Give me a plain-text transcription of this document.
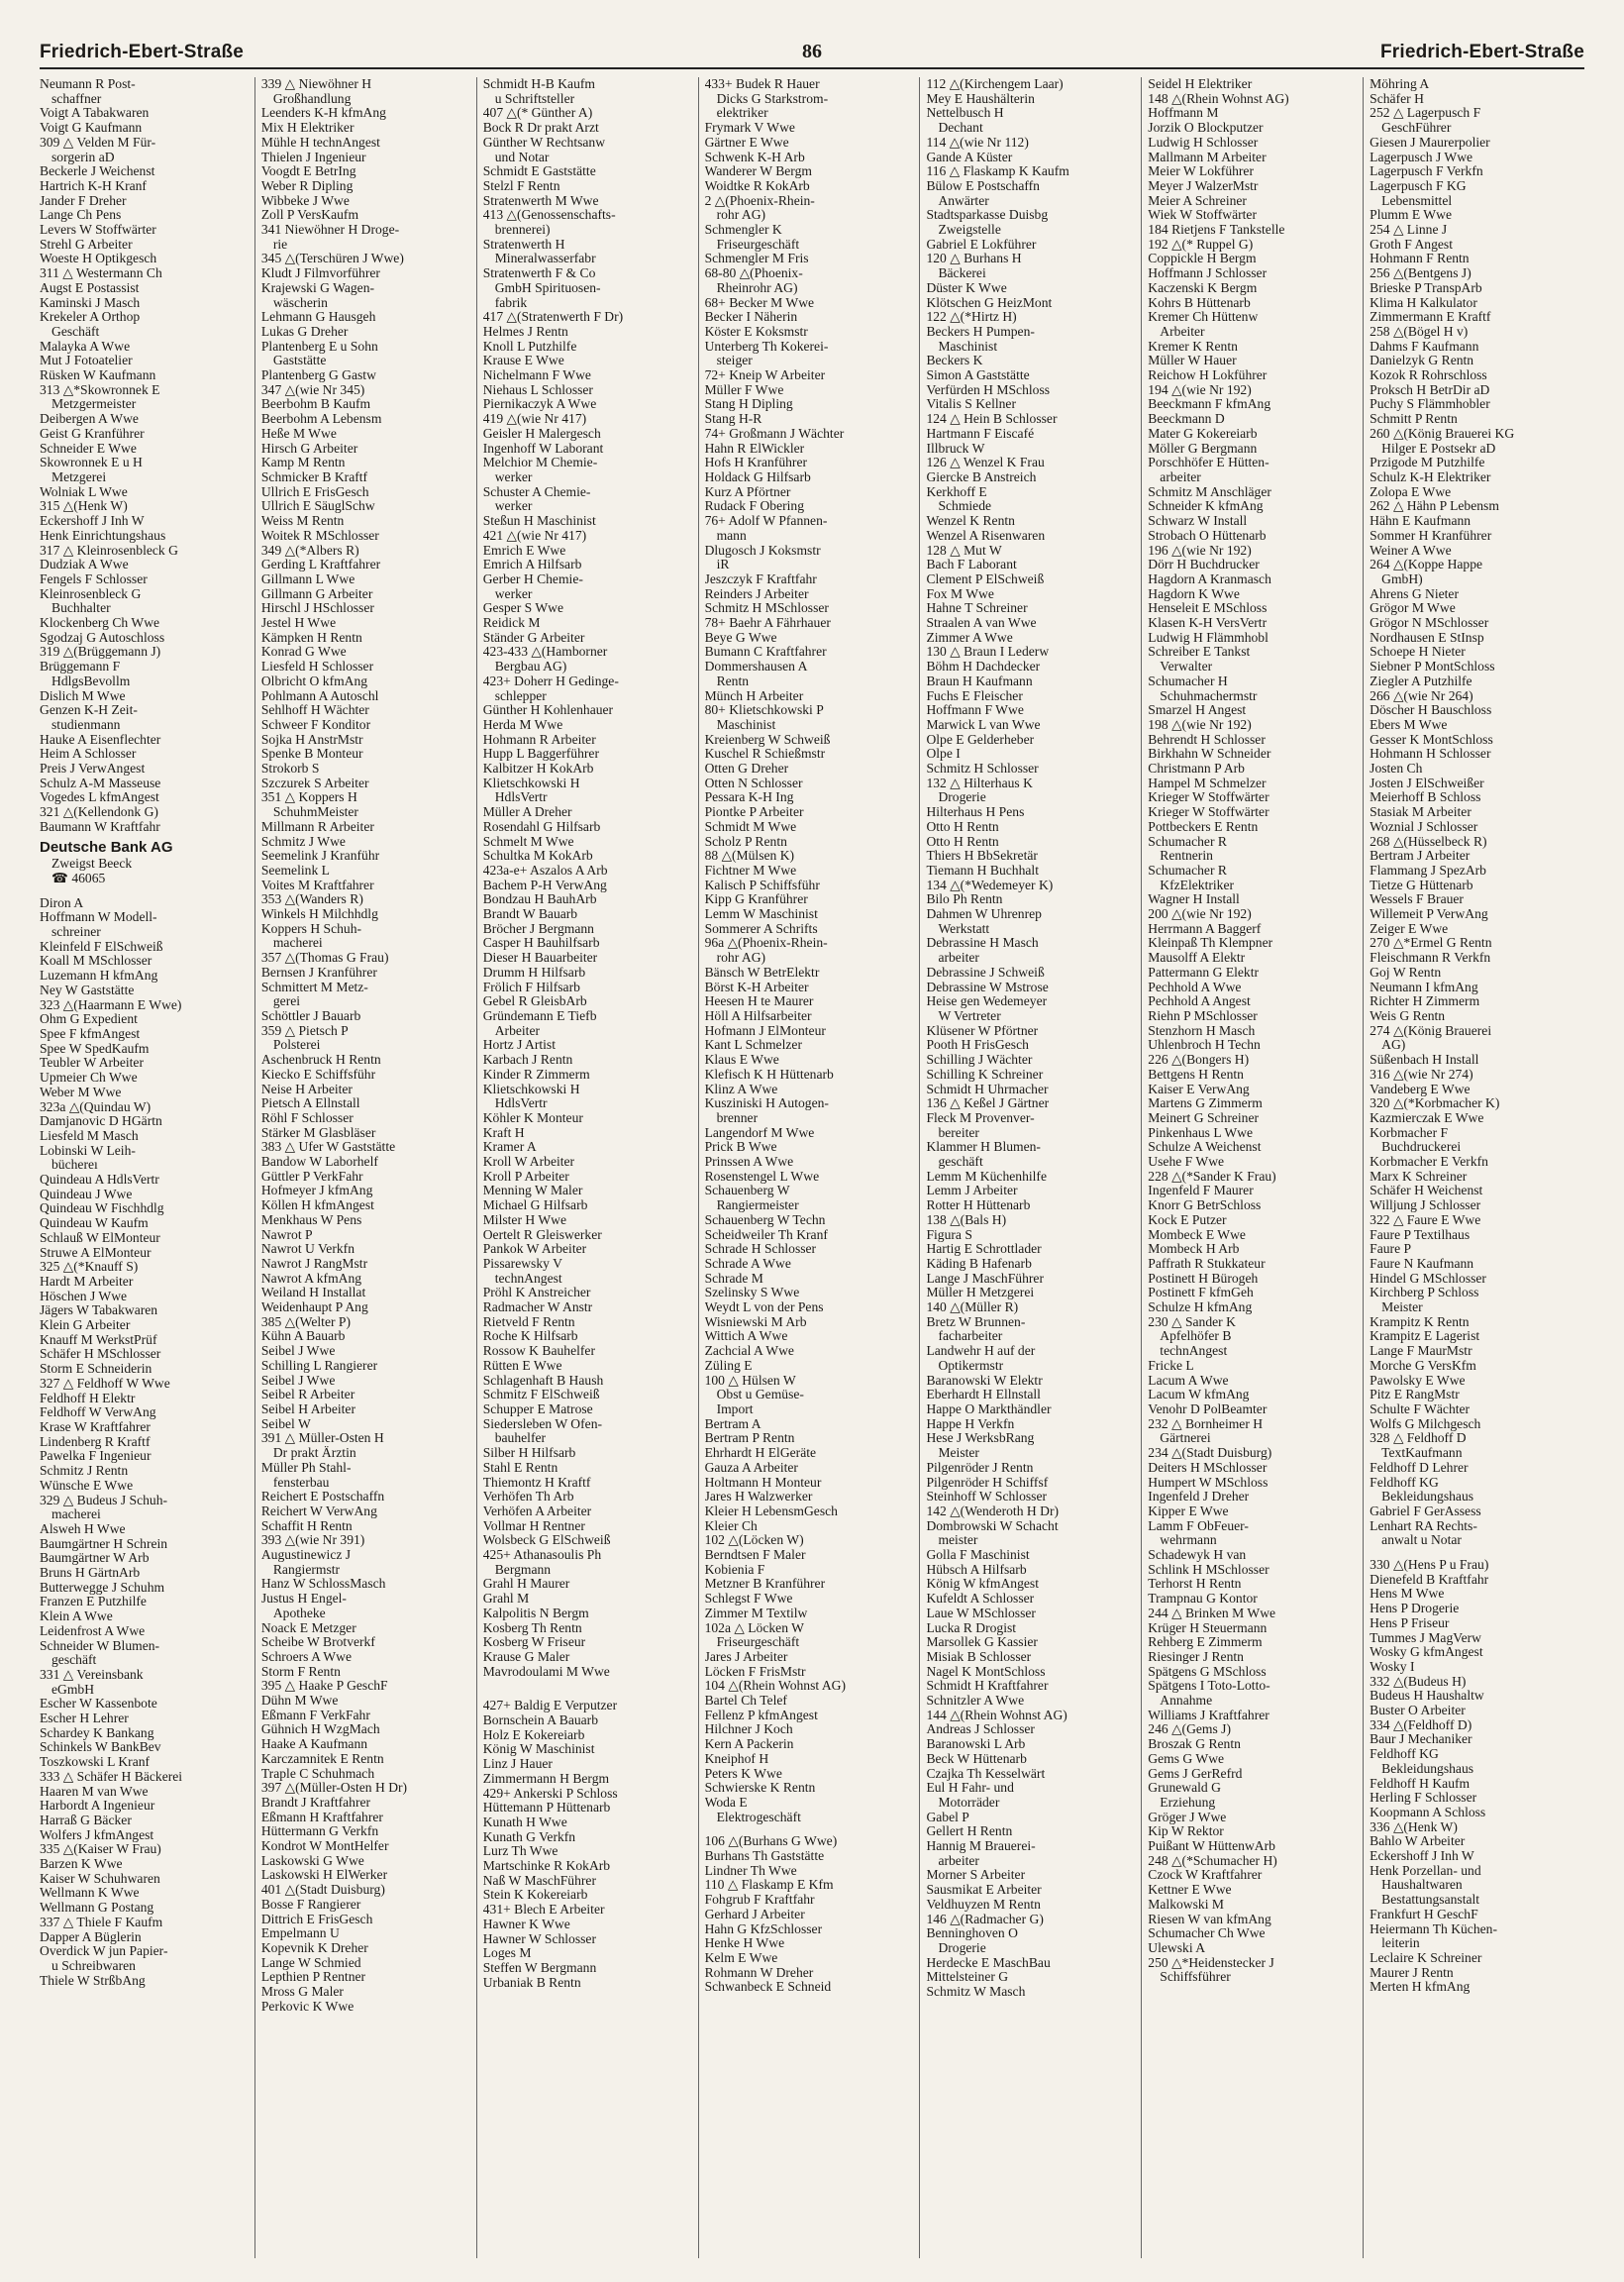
Friedrich-Ebert-Straße	86	Friedrich-Ebert-Straße
Neumann R Post-
schaffner
Voigt A Tabakwaren
Voigt G Kaufmann
309 △ Velden M Für-
sorgerin aD
Beckerle J Weichenst
Hartrich K-H Kranf
Jander F Dreher
Lange Ch Pens
Levers W Stoffwärter
Strehl G Arbeiter
Woeste H Optikgesch
311 △ Westermann Ch
Augst E Postassist
Kaminski J Masch
Krekeler A Orthop
Geschäft
Malayka A Wwe
Mut J Fotoatelier
Rüsken W Kaufmann
313 △*Skowronnek E
Metzgermeister
Deibergen A Wwe
Geist G Kranführer
Schneider E Wwe
Skowronnek E u H
Metzgerei
Wolniak L Wwe
315 △(Henk W)
Eckershoff J Inh W
Henk Einrichtungshaus
317 △ Kleinrosenbleck G
Dudziak A Wwe
Fengels F Schlosser
Kleinrosenbleck G
Buchhalter
Klockenberg Ch Wwe
Sgodzaj G Autoschloss
319 △(Brüggemann J)
Brüggemann F
HdlgsBevollm
Dislich M Wwe
Genzen K-H Zeit-
studienmann
Hauke A Eisenflechter
Heim A Schlosser
Preis J VerwAngest
Schulz A-M Masseuse
Vogedes L kfmAngest
321 △(Kellendonk G)
Baumann W Kraftfahr
Deutsche Bank AG
Zweigst Beeck
☎ 46065
Diron A
Hoffmann W Modell-
schreiner
Kleinfeld F ElSchweiß
Koall M MSchlosser
Luzemann H kfmAng
Ney W Gaststätte
323 △(Haarmann E Wwe)
Ohm G Expedient
Spee F kfmAngest
Spee W SpedKaufm
Teubler W Arbeiter
Upmeier Ch Wwe
Weber M Wwe
323a △(Quindau W)
Damjanovic D HGärtn
Liesfeld M Masch
Lobinski W Leih-
büchereı
Quindeau A HdlsVertr
Quindeau J Wwe
Quindeau W Fischhdlg
Quindeau W Kaufm
Schlauß W ElMonteur
Struwe A ElMonteur
325 △(*Knauff S)
Hardt M Arbeiter
Höschen J Wwe
Jägers W Tabakwaren
Klein G Arbeiter
Knauff M WerkstPrüf
Schäfer H MSchlosser
Storm E Schneiderin
327 △ Feldhoff W Wwe
Feldhoff H Elektr
Feldhoff W VerwAng
Krase W Kraftfahrer
Lindenberg R Kraftf
Pawelka F Ingenieur
Schmitz J Rentn
Wünsche E Wwe
329 △ Budeus J Schuh-
macherei
Alsweh H Wwe
Baumgärtner H Schrein
Baumgärtner W Arb
Bruns H GärtnArb
Butterwegge J Schuhm
Franzen E Putzhilfe
Klein A Wwe
Leidenfrost A Wwe
Schneider W Blumen-
geschäft
331 △ Vereinsbank
eGmbH
Escher W Kassenbote
Escher H Lehrer
Schardey K Bankang
Schinkels W BankBev
Toszkowski L Kranf
333 △ Schäfer H Bäckerei
Haaren M van Wwe
Harbordt A Ingenieur
Harraß G Bäcker
Wolfers J kfmAngest
335 △(Kaiser W Frau)
Barzen K Wwe
Kaiser W Schuhwaren
Wellmann K Wwe
Wellmann G Postang
337 △ Thiele F Kaufm
Dapper A Büglerin
Overdick W jun Papier-
u Schreibwaren
Thiele W StrßbAng
339 △ Niewöhner H
Großhandlung
Leenders K-H kfmAng
Mix H Elektriker
Mühle H technAngest
Thielen J Ingenieur
Voogdt E BetrIng
Weber R Dipling
Wibbeke J Wwe
Zoll P VersKaufm
341 Niewöhner H Droge-
rie
345 △(Terschüren J Wwe)
Kludt J Filmvorführer
Krajewski G Wagen-
wäscherin
Lehmann G Hausgeh
Lukas G Dreher
Plantenberg E u Sohn
Gaststätte
Plantenberg G Gastw
347 △(wie Nr 345)
Beerbohm B Kaufm
Beerbohm A Lebensm
Heße M Wwe
Hirsch G Arbeiter
Kamp M Rentn
Schmicker B Kraftf
Ullrich E FrisGesch
Ullrich E SäuglSchw
Weiss M Rentn
Woitek R MSchlosser
349 △(*Albers R)
Gerding L Kraftfahrer
Gillmann L Wwe
Gillmann G Arbeiter
Hirschl J HSchlosser
Jestel H Wwe
Kämpken H Rentn
Konrad G Wwe
Liesfeld H Schlosser
Olbricht O kfmAng
Pohlmann A Autoschl
Sehlhoff H Wächter
Schweer F Konditor
Sojka H AnstrMstr
Spenke B Monteur
Strokorb S
Szczurek S Arbeiter
351 △ Koppers H
SchuhmMeister
Millmann R Arbeiter
Schmitz J Wwe
Seemelink J Kranführ
Seemelink L
Voites M Kraftfahrer
353 △(Wanders R)
Winkels H Milchhdlg
Koppers H Schuh-
macherei
357 △(Thomas G Frau)
Bernsen J Kranführer
Schmittert M Metz-
gerei
Schöttler J Bauarb
359 △ Pietsch P
Polsterei
Aschenbruck H Rentn
Kiecko E Schiffsführ
Neise H Arbeiter
Pietsch A Ellnstall
Röhl F Schlosser
Stärker M Glasbläser
383 △ Ufer W Gaststätte
Bandow W Laborhelf
Güttler P VerkFahr
Hofmeyer J kfmAng
Köllen H kfmAngest
Menkhaus W Pens
Nawrot P
Nawrot U Verkfn
Nawrot J RangMstr
Nawrot A kfmAng
Weiland H Installat
Weidenhaupt P Ang
385 △(Welter P)
Kühn A Bauarb
Seibel J Wwe
Schilling L Rangierer
Seibel J Wwe
Seibel R Arbeiter
Seibel H Arbeiter
Seibel W
391 △ Müller-Osten H
Dr prakt Ärztin
Müller Ph Stahl-
fensterbau
Reichert E Postschaffn
Reichert W VerwAng
Schaffit H Rentn
393 △(wie Nr 391)
Augustinewicz J
Rangiermstr
Hanz W SchlossMasch
Justus H Engel-
Apotheke
Noack E Metzger
Scheibe W Brotverkf
Schroers A Wwe
Storm F Rentn
395 △ Haake P GeschF
Dühn M Wwe
Eßmann F VerkFahr
Gühnich H WzgMach
Haake A Kaufmann
Karczamnitek E Rentn
Traple C Schuhmach
397 △(Müller-Osten H Dr)
Brandt J Kraftfahrer
Eßmann H Kraftfahrer
Hüttermann G Verkfn
Kondrot W MontHelfer
Laskowski G Wwe
Laskowski H ElWerker
401 △(Stadt Duisburg)
Bosse F Rangierer
Dittrich E FrisGesch
Empelmann U
Kopevnik K Dreher
Lange W Schmied
Lepthien P Rentner
Mross G Maler
Perkovic K Wwe
Schmidt H-B Kaufm
u Schriftsteller
407 △(* Günther A)
Bock R Dr prakt Arzt
Günther W Rechtsanw
und Notar
Schmidt E Gaststätte
Stelzl F Rentn
Stratenwerth M Wwe
413 △(Genossenschafts-
brennerei)
Stratenwerth H
Mineralwasserfabr
Stratenwerth F & Co
GmbH Spirituosen-
fabrik
417 △(Stratenwerth F Dr)
Helmes J Rentn
Knoll L Putzhilfe
Krause E Wwe
Nichelmann F Wwe
Niehaus L Schlosser
Piernikaczyk A Wwe
419 △(wie Nr 417)
Geisler H Malergesch
Ingenhoff W Laborant
Melchior M Chemie-
werker
Schuster A Chemie-
werker
Steßun H Maschinist
421 △(wie Nr 417)
Emrich E Wwe
Emrich A Hilfsarb
Gerber H Chemie-
werker
Gesper S Wwe
Reidick M
Ständer G Arbeiter
423-433 △(Hamborner
Bergbau AG)
423+ Doherr H Gedinge-
schlepper
Günther H Kohlenhauer
Herda M Wwe
Hohmann R Arbeiter
Hupp L Baggerführer
Kalbitzer H KokArb
Klietschkowski H
HdlsVertr
Müller A Dreher
Rosendahl G Hilfsarb
Schmelt M Wwe
Schultka M KokArb
423a-e+ Aszalos A Arb
Bachem P-H VerwAng
Bondzau H BauhArb
Brandt W Bauarb
Bröcher J Bergmann
Casper H Bauhilfsarb
Dieser H Bauarbeiter
Drumm H Hilfsarb
Frölich F Hilfsarb
Gebel R GleisbArb
Gründemann E Tiefb
Arbeiter
Hortz J Artist
Karbach J Rentn
Kinder R Zimmerm
Klietschkowski H
HdlsVertr
Köhler K Monteur
Kraft H
Kramer A
Kroll W Arbeiter
Kroll P Arbeiter
Menning W Maler
Michael G Hilfsarb
Milster H Wwe
Oertelt R Gleiswerker
Pankok W Arbeiter
Pissarewsky V
technAngest
Pröhl K Anstreicher
Radmacher W Anstr
Rietveld F Rentn
Roche K Hilfsarb
Rossow K Bauhelfer
Rütten E Wwe
Schlagenhaft B Haush
Schmitz F ElSchweiß
Schupper E Matrose
Siedersleben W Ofen-
bauhelfer
Silber H Hilfsarb
Stahl E Rentn
Thiemontz H Kraftf
Verhöfen Th Arb
Verhöfen A Arbeiter
Vollmar H Rentner
Wolsbeck G ElSchweiß
425+ Athanasoulis Ph
Bergmann
Grahl H Maurer
Grahl M
Kalpolitis N Bergm
Kosberg Th Rentn
Kosberg W Friseur
Krause G Maler
Mavrodoulami M Wwe
427+ Baldig E Verputzer
Bornschein A Bauarb
Holz E Kokereiarb
König W Maschinist
Linz J Hauer
Zimmermann H Bergm
429+ Ankerski P Schloss
Hüttemann P Hüttenarb
Kunath H Wwe
Kunath G Verkfn
Lurz Th Wwe
Martschinke R KokArb
Naß W MaschFührer
Stein K Kokereiarb
431+ Blech E Arbeiter
Hawner K Wwe
Hawner W Schlosser
Loges M
Steffen W Bergmann
Urbaniak B Rentn
433+ Budek R Hauer
Dicks G Starkstrom-
elektriker
Frymark V Wwe
Gärtner E Wwe
Schwenk K-H Arb
Wanderer W Bergm
Woidtke R KokArb
2 △(Phoenix-Rhein-
rohr AG)
Schmengler K
Friseurgeschäft
Schmengler M Fris
68-80 △(Phoenix-
Rheinrohr AG)
68+ Becker M Wwe
Becker I Näherin
Köster E Koksmstr
Unterberg Th Kokerei-
steiger
72+ Kneip W Arbeiter
Müller F Wwe
Stang H Dipling
Stang H-R
74+ Großmann J Wächter
Hahn R ElWickler
Hofs H Kranführer
Holdack G Hilfsarb
Kurz A Pförtner
Rudack F Obering
76+ Adolf W Pfannen-
mann
Dlugosch J Koksmstr
iR
Jeszczyk F Kraftfahr
Reinders J Arbeiter
Schmitz H MSchlosser
78+ Baehr A Fährhauer
Beye G Wwe
Bumann C Kraftfahrer
Dommershausen A
Rentn
Münch H Arbeiter
80+ Klietschkowski P
Maschinist
Kreienberg W Schweiß
Kuschel R Schießmstr
Otten G Dreher
Otten N Schlosser
Pessara K-H Ing
Piontke P Arbeiter
Schmidt M Wwe
Scholz P Rentn
88 △(Mülsen K)
Fichtner M Wwe
Kalisch P Schiffsführ
Kipp G Kranführer
Lemm W Maschinist
Sommerer A Schrifts
96a △(Phoenix-Rhein-
rohr AG)
Bänsch W BetrElektr
Börst K-H Arbeiter
Heesen H te Maurer
Höll A Hilfsarbeiter
Hofmann J ElMonteur
Kant L Schmelzer
Klaus E Wwe
Klefisch K H Hüttenarb
Klinz A Wwe
Kusziniski H Autogen-
brenner
Langendorf M Wwe
Prick B Wwe
Prinssen A Wwe
Rosenstengel L Wwe
Schauenberg W
Rangiermeister
Schauenberg W Techn
Scheidweiler Th Kranf
Schrade H Schlosser
Schrade A Wwe
Schrade M
Szelinsky S Wwe
Weydt L von der Pens
Wisniewski M Arb
Wittich A Wwe
Zachcial A Wwe
Züling E
100 △ Hülsen W
Obst u Gemüse-
Import
Bertram A
Bertram P Rentn
Ehrhardt H ElGeräte
Gauza A Arbeiter
Holtmann H Monteur
Jares H Walzwerker
Kleier H LebensmGesch
Kleier Ch
102 △(Löcken W)
Berndtsen F Maler
Kobienia F
Metzner B Kranführer
Schlegst F Wwe
Zimmer M Textilw
102a △ Löcken W
Friseurgeschäft
Jares J Arbeiter
Löcken F FrisMstr
104 △(Rhein Wohnst AG)
Bartel Ch Telef
Fellenz P kfmAngest
Hilchner J Koch
Kern A Packerin
Kneiphof H
Peters K Wwe
Schwierske K Rentn
Woda E
Elektrogeschäft
106 △(Burhans G Wwe)
Burhans Th Gaststätte
Lindner Th Wwe
110 △ Flaskamp E Kfm
Fohgrub F Kraftfahr
Gerhard J Arbeiter
Hahn G KfzSchlosser
Henke H Wwe
Kelm E Wwe
Rohmann W Dreher
Schwanbeck E Schneid
112 △(Kirchengem Laar)
Mey E Haushälterin
Nettelbusch H
Dechant
114 △(wie Nr 112)
Gande A Küster
116 △ Flaskamp K Kaufm
Bülow E Postschaffn
Anwärter
Stadtsparkasse Duisbg
Zweigstelle
Gabriel E Lokführer
120 △ Burhans H
Bäckerei
Düster K Wwe
Klötschen G HeizMont
122 △(*Hirtz H)
Beckers H Pumpen-
Maschinist
Beckers K
Simon A Gaststätte
Verfürden H MSchloss
Vitalis S Kellner
124 △ Hein B Schlosser
Hartmann F Eiscafé
Illbruck W
126 △ Wenzel K Frau
Giercke B Anstreich
Kerkhoff E
Schmiede
Wenzel K Rentn
Wenzel A Risenwaren
128 △ Mut W
Bach F Laborant
Clement P ElSchweiß
Fox M Wwe
Hahne T Schreiner
Straalen A van Wwe
Zimmer A Wwe
130 △ Braun I Lederw
Böhm H Dachdecker
Braun H Kaufmann
Fuchs E Fleischer
Hoffmann F Wwe
Marwick L van Wwe
Olpe E Gelderheber
Olpe I
Schmitz H Schlosser
132 △ Hilterhaus K
Drogerie
Hilterhaus H Pens
Otto H Rentn
Otto H Rentn
Thiers H BbSekretär
Tiemann H Buchhalt
134 △(*Wedemeyer K)
Bilo Ph Rentn
Dahmen W Uhrenrep
Werkstatt
Debrassine H Masch
arbeiter
Debrassine J Schweiß
Debrassine W Mstrose
Heise gen Wedemeyer
W Vertreter
Klüsener W Pförtner
Pooth H FrisGesch
Schilling J Wächter
Schilling K Schreiner
Schmidt H Uhrmacher
136 △ Keßel J Gärtner
Fleck M Provenver-
bereiter
Klammer H Blumen-
geschäft
Lemm M Küchenhilfe
Lemm J Arbeiter
Rotter H Hüttenarb
138 △(Bals H)
Figura S
Hartig E Schrottlader
Käding B Hafenarb
Lange J MaschFührer
Müller H Metzgerei
140 △(Müller R)
Bretz W Brunnen-
facharbeiter
Landwehr H auf der
Optikermstr
Baranowski W Elektr
Eberhardt H Ellnstall
Happe O Markthändler
Happe H Verkfn
Hese J WerksbRang
Meister
Pilgenröder J Rentn
Pilgenröder H Schiffsf
Steinhoff W Schlosser
142 △(Wenderoth H Dr)
Dombrowski W Schacht
meister
Golla F Maschinist
Hübsch A Hilfsarb
König W kfmAngest
Kufeldt A Schlosser
Laue W MSchlosser
Lucka R Drogist
Marsollek G Kassier
Misiak B Schlosser
Nagel K MontSchloss
Schmidt H Kraftfahrer
Schnitzler A Wwe
144 △(Rhein Wohnst AG)
Andreas J Schlosser
Baranowski L Arb
Beck W Hüttenarb
Czajka Th Kesselwärt
Eul H Fahr- und
Motorräder
Gabel P
Gellert H Rentn
Hannig M Brauerei-
arbeiter
Morner S Arbeiter
Sausmikat E Arbeiter
Veldhuyzen M Rentn
146 △(Radmacher G)
Benninghoven O
Drogerie
Herdecke E MaschBau
Mittelsteiner G
Schmitz W Masch
Seidel H Elektriker
148 △(Rhein Wohnst AG)
Hoffmann M
Jorzik O Blockputzer
Ludwig H Schlosser
Mallmann M Arbeiter
Meier W Lokführer
Meyer J WalzerMstr
Meier A Schreiner
Wiek W Stoffwärter
184 Rietjens F Tankstelle
192 △(* Ruppel G)
Coppickle H Bergm
Hoffmann J Schlosser
Kaczenski K Bergm
Kohrs B Hüttenarb
Kremer Ch Hüttenw
Arbeiter
Kremer K Rentn
Müller W Hauer
Reichow H Lokführer
194 △(wie Nr 192)
Beeckmann F kfmAng
Beeckmann D
Mater G Kokereiarb
Möller G Bergmann
Porschhöfer E Hütten-
arbeiter
Schmitz M Anschläger
Schneider K kfmAng
Schwarz W Install
Strobach O Hüttenarb
196 △(wie Nr 192)
Dörr H Buchdrucker
Hagdorn A Kranmasch
Hagdorn K Wwe
Henseleit E MSchloss
Klasen K-H VersVertr
Ludwig H Flämmhobl
Schreiber E Tankst
Verwalter
Schumacher H
Schuhmachermstr
Smarzel H Angest
198 △(wie Nr 192)
Behrendt H Schlosser
Birkhahn W Schneider
Christmann P Arb
Hampel M Schmelzer
Krieger W Stoffwärter
Krieger W Stoffwärter
Pottbeckers E Rentn
Schumacher R
Rentnerin
Schumacher R
KfzElektriker
Wagner H Install
200 △(wie Nr 192)
Herrmann A Baggerf
Kleinpaß Th Klempner
Mausolff A Elektr
Pattermann G Elektr
Pechhold A Wwe
Pechhold A Angest
Riehn P MSchlosser
Stenzhorn H Masch
Uhlenbroch H Techn
226 △(Bongers H)
Bettgens H Rentn
Kaiser E VerwAng
Martens G Zimmerm
Meinert G Schreiner
Pinkenhaus L Wwe
Schulze A Weichenst
Usehe F Wwe
228 △(*Sander K Frau)
Ingenfeld F Maurer
Knorr G BetrSchloss
Kock E Putzer
Mombeck E Wwe
Mombeck H Arb
Paffrath R Stukkateur
Postinett H Bürogeh
Postinett F kfmGeh
Schulze H kfmAng
230 △ Sander K
Apfelhöfer B
technAngest
Fricke L
Lacum A Wwe
Lacum W kfmAng
Venohr D PolBeamter
232 △ Bornheimer H
Gärtnerei
234 △(Stadt Duisburg)
Deiters H MSchlosser
Humpert W MSchloss
Ingenfeld J Dreher
Kipper E Wwe
Lamm F ObFeuer-
wehrmann
Schadewyk H van
Schlink H MSchlosser
Terhorst H Rentn
Trampnau G Kontor
244 △ Brinken M Wwe
Krüger H Steuermann
Rehberg E Zimmerm
Riesinger J Rentn
Spätgens G MSchloss
Spätgens I Toto-Lotto-
Annahme
Williams J Kraftfahrer
246 △(Gems J)
Broszak G Rentn
Gems G Wwe
Gems J GerRefrd
Grunewald G
Erziehung
Gröger J Wwe
Kip W Rektor
Puißant W HüttenwArb
248 △(*Schumacher H)
Czock W Kraftfahrer
Kettner E Wwe
Malkowski M
Riesen W van kfmAng
Schumacher Ch Wwe
Ulewski A
250 △*Heidenstecker J
Schiffsführer
Möhring A
Schäfer H
252 △ Lagerpusch F
GeschFührer
Giesen J Maurerpolier
Lagerpusch J Wwe
Lagerpusch F Verkfn
Lagerpusch F KG
Lebensmittel
Plumm E Wwe
254 △ Linne J
Groth F Angest
Hohmann F Rentn
256 △(Bentgens J)
Brieske P TranspArb
Klima H Kalkulator
Zimmermann E Kraftf
258 △(Bögel H v)
Dahms F Kaufmann
Danielzyk G Rentn
Kozok R Rohrschloss
Proksch H BetrDir aD
Puchy S Flämmhobler
Schmitt P Rentn
260 △(König Brauerei KG
Hilger E Postsekr aD
Przigode M Putzhilfe
Schulz K-H Elektriker
Zolopa E Wwe
262 △ Hähn P Lebensm
Hähn E Kaufmann
Sommer H Kranführer
Weiner A Wwe
264 △(Koppe Happe
GmbH)
Ahrens G Nieter
Grögor M Wwe
Grögor N MSchlosser
Nordhausen E StInsp
Schoepe H Nieter
Siebner P MontSchloss
Ziegler A Putzhilfe
266 △(wie Nr 264)
Döscher H Bauschloss
Ebers M Wwe
Gesser K MontSchloss
Hohmann H Schlosser
Josten Ch
Josten J ElSchweißer
Meierhoff B Schloss
Stasiak M Arbeiter
Woznial J Schlosser
268 △(Hüsselbeck R)
Bertram J Arbeiter
Flammang J SpezArb
Tietze G Hüttenarb
Wessels F Brauer
Willemeit P VerwAng
Zeiger E Wwe
270 △*Ermel G Rentn
Fleischmann R Verkfn
Goj W Rentn
Neumann I kfmAng
Richter H Zimmerm
Weis G Rentn
274 △(König Brauerei
AG)
Süßenbach H Install
316 △(wie Nr 274)
Vandeberg E Wwe
320 △(*Korbmacher K)
Kazmierczak E Wwe
Korbmacher F
Buchdruckerei
Korbmacher E Verkfn
Marx K Schreiner
Schäfer H Weichenst
Willjung J Schlosser
322 △ Faure E Wwe
Faure P Textilhaus
Faure P
Faure N Kaufmann
Hindel G MSchlosser
Kirchberg P Schloss
Meister
Krampitz K Rentn
Krampitz E Lagerist
Lange F MaurMstr
Morche G VersKfm
Pawolsky E Wwe
Pitz E RangMstr
Schulte F Wächter
Wolfs G Milchgesch
328 △ Feldhoff D
TextKaufmann
Feldhoff D Lehrer
Feldhoff KG
Bekleidungshaus
Gabriel F GerAssess
Lenhart RA Rechts-
anwalt u Notar
330 △(Hens P u Frau)
Dienefeld B Kraftfahr
Hens M Wwe
Hens P Drogerie
Hens P Friseur
Tummes J MagVerw
Wosky G kfmAngest
Wosky I
332 △(Budeus H)
Budeus H Haushaltw
Buster O Arbeiter
334 △(Feldhoff D)
Baur J Mechaniker
Feldhoff KG
Bekleidungshaus
Feldhoff H Kaufm
Herling F Schlosser
Koopmann A Schloss
336 △(Henk W)
Bahlo W Arbeiter
Eckershoff J Inh W
Henk Porzellan- und
Haushaltwaren
Bestattungsanstalt
Frankfurt H GeschF
Heiermann Th Küchen-
leiterin
Leclaire K Schreiner
Maurer J Rentn
Merten H kfmAng
